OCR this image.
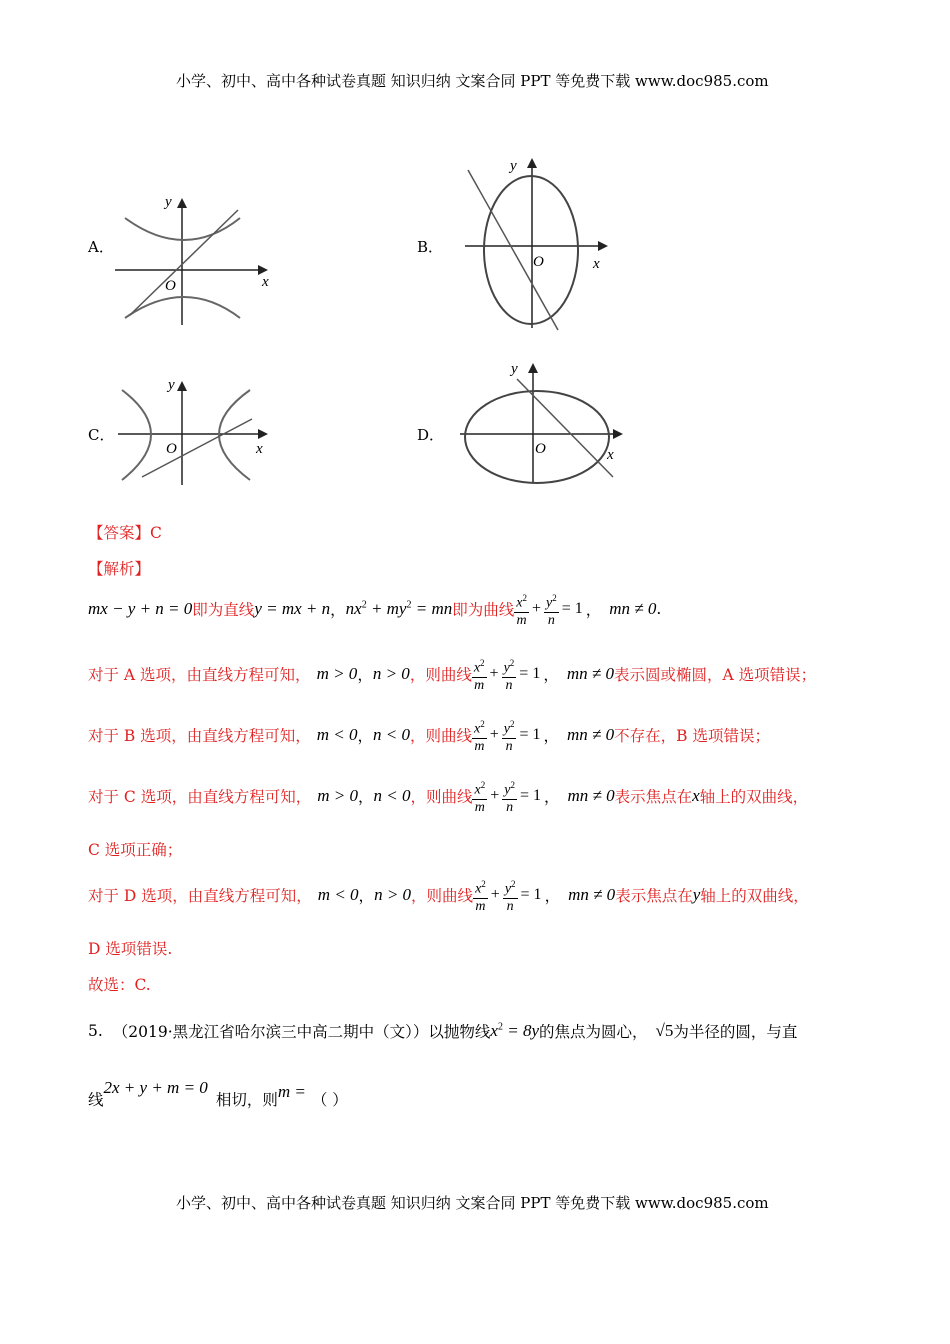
小学、初中、高中各种试卷真题 知识归纳 文案合同 PPT 等免费下载 www.doc985.com
小学、初中、高中各种试卷真题 知识归纳 文案合同 PPT 等免费下载 www.doc985.com
A．	B．
C．	D．
y
x
O
y
x
O
y
x
O
y
x
O
【答案】C
【解析】
mx − y + n = 0 即为直线 y = mx + n ， $nx^2 + my^2$ = mn 即为曲线 $\frac{x^2}{m} + \frac{y^2}{n} = 1$ ， mn ≠ 0 .
对于 A 选项，由直线方程可知， m > 0 ， n > 0 ，则曲线 $\frac{x^2}{m} + \frac{y^2}{n} = 1$ ， mn ≠ 0 表示圆或椭圆，A 选项错误；
对于 B 选项，由直线方程可知， m < 0 ， n < 0 ，则曲线 $\frac{x^2}{m} + \frac{y^2}{n} = 1$ ， mn ≠ 0 不存在，B 选项错误；
对于 C 选项，由直线方程可知， m > 0 ， n < 0 ，则曲线 $\frac{x^2}{m} + \frac{y^2}{n} = 1$ ， mn ≠ 0 表示焦点在 x 轴上的双曲线，
C 选项正确；
对于 D 选项，由直线方程可知， m < 0 ， n > 0 ，则曲线 $\frac{x^2}{m} + \frac{y^2}{n} = 1$ ， mn ≠ 0 表示焦点在 y 轴上的双曲线，
D 选项错误.
故选：C.
5. （2019·黑龙江省哈尔滨三中高二期中（文））以抛物线 $x^2 = 8y$ 的焦点为圆心， √5 为半径的圆，与直
线
2x + y + m = 0
相切，则 m = （ ）
